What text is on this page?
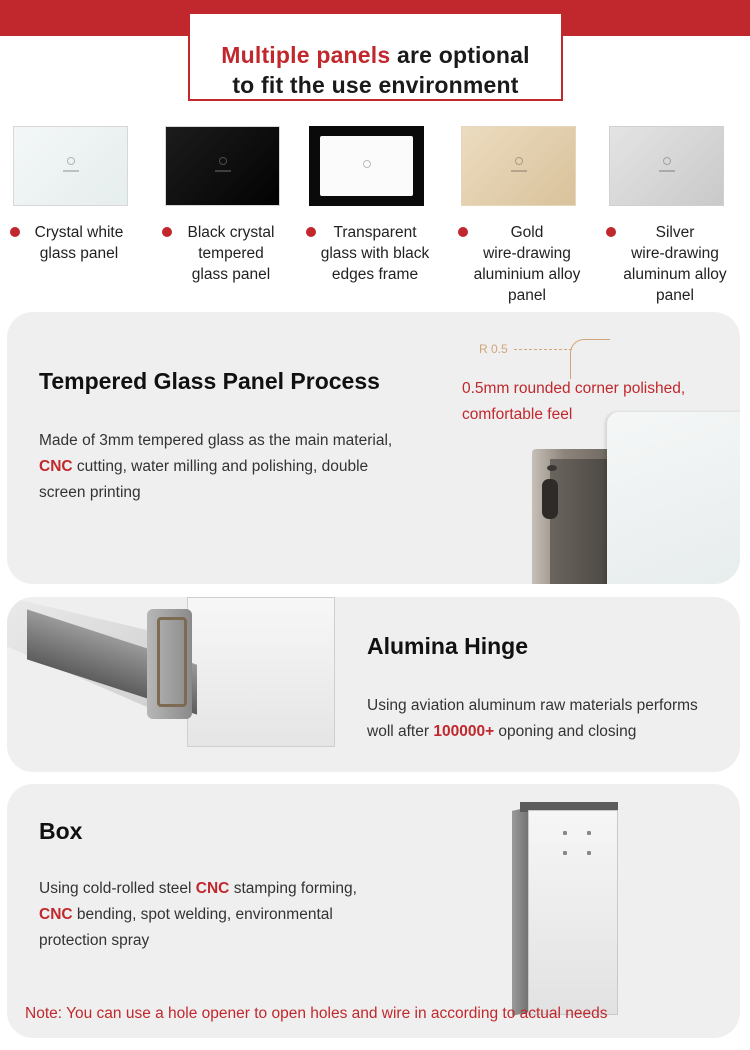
Multiple panels are optional
to fit the use environment
Crystal white
glass panel
Black crystal
tempered
glass panel
Transparent
glass with black
edges frame
Gold
wire-drawing
aluminium alloy
panel
Silver
wire-drawing
aluminum alloy
panel
Tempered Glass Panel Process
Made of 3mm tempered glass as the main material,
CNC cutting, water milling and polishing, double
screen printing
R 0.5
0.5mm rounded corner polished,
comfortable feel
Alumina Hinge
Using aviation aluminum raw materials performs
woll after 100000+ oponing and closing
Box
Using cold-rolled steel CNC stamping forming,
CNC bending, spot welding, environmental
protection spray
Note: You can use a hole opener to open holes and wire in according to actual needs
